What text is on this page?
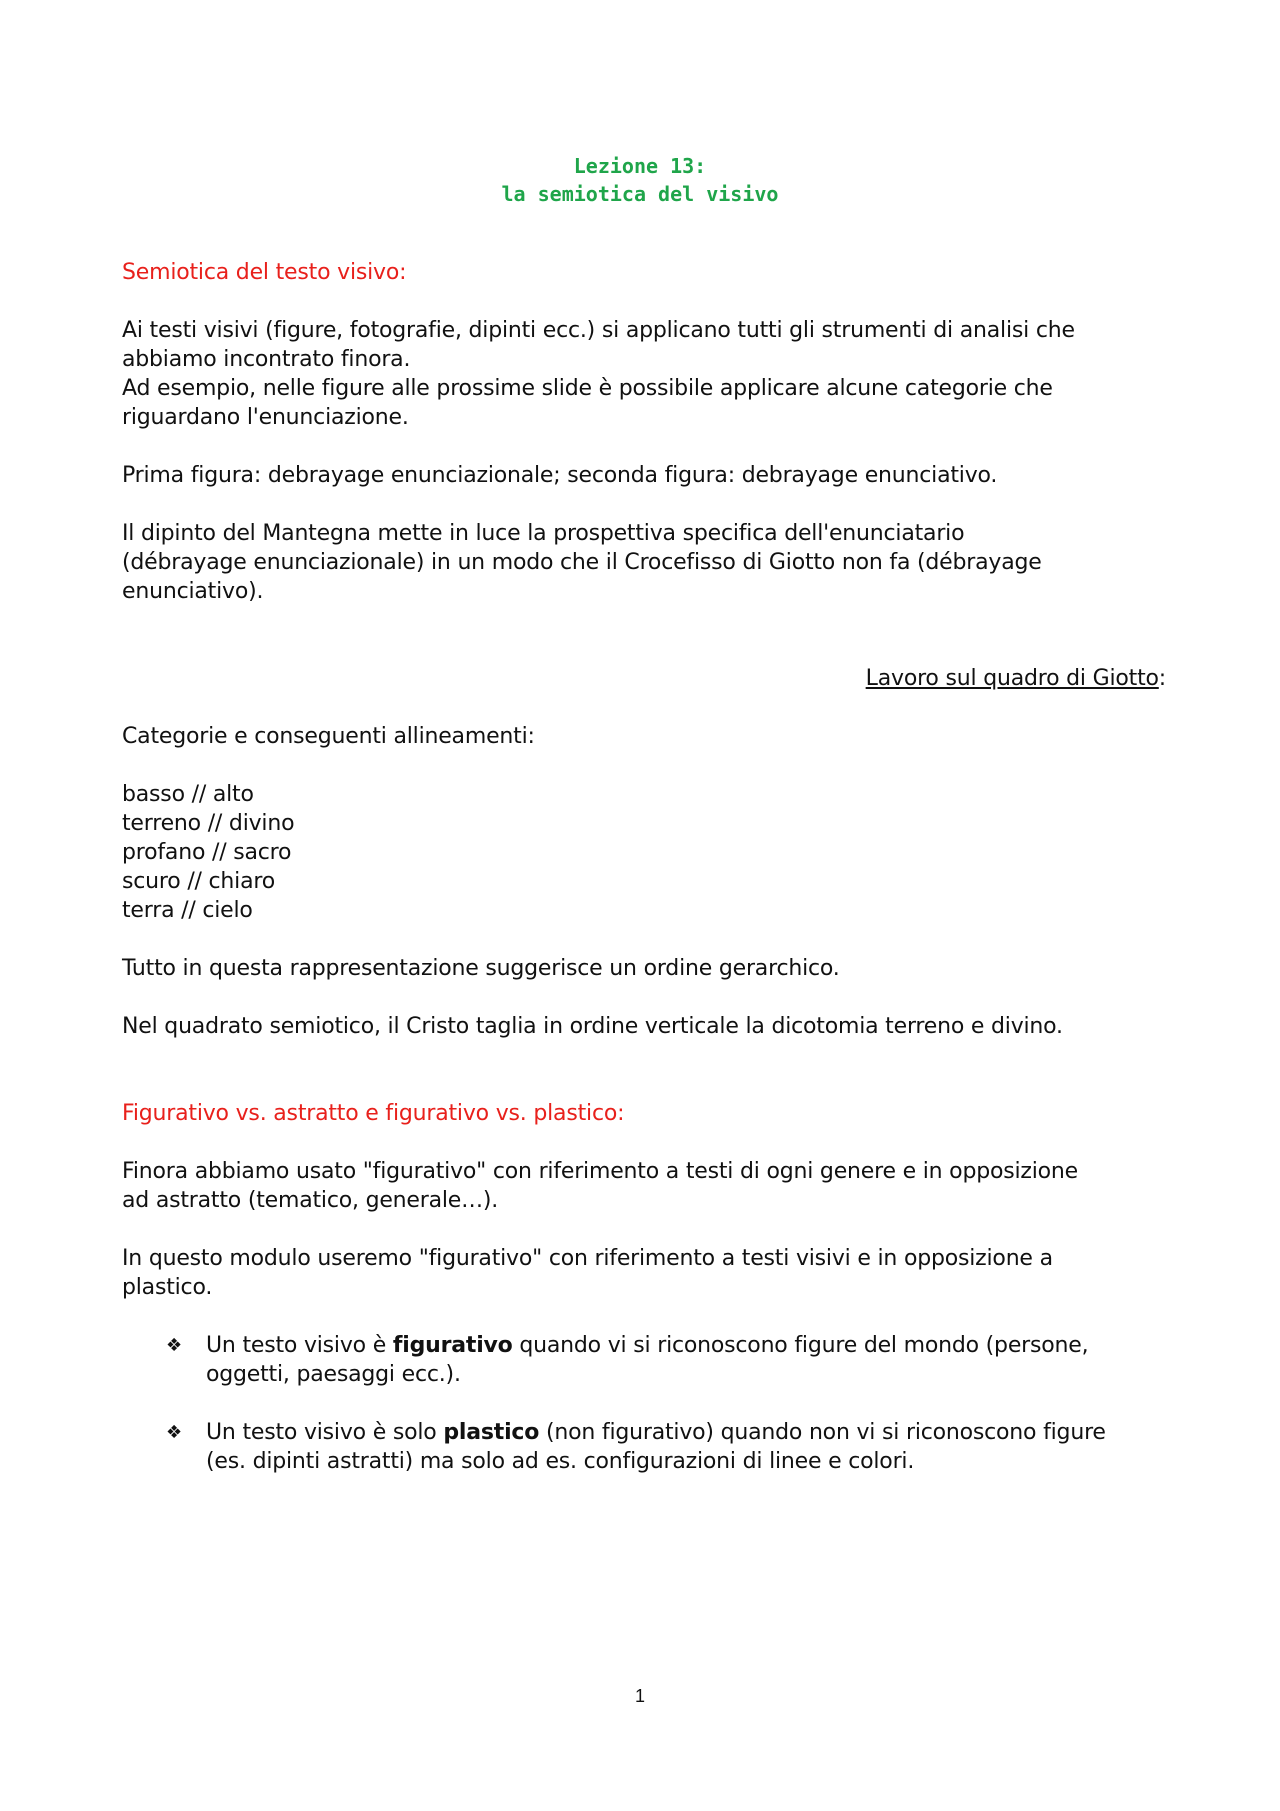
Lezione 13:
la semiotica del visivo

Semiotica del testo visivo:

Ai testi visivi (figure, fotografie, dipinti ecc.) si applicano tutti gli strumenti di analisi che

abbiamo incontrato finora.

Ad esempio, nelle figure alle prossime slide è possibile applicare alcune categorie che

riguardano l'enunciazione.

Prima figura: debrayage enunciazionale; seconda figura: debrayage enunciativo.

Il dipinto del Mantegna mette in luce la prospettiva specifica dell'enunciatario

(débrayage enunciazionale) in un modo che il Crocefisso di Giotto non fa (débrayage

enunciativo).

Lavoro sul quadro di Giotto:

Categorie e conseguenti allineamenti:

basso // alto

terreno // divino

profano // sacro

scuro // chiaro

terra // cielo

Tutto in questa rappresentazione suggerisce un ordine gerarchico.

Nel quadrato semiotico, il Cristo taglia in ordine verticale la dicotomia terreno e divino.

Figurativo vs. astratto e figurativo vs. plastico:

Finora abbiamo usato "figurativo" con riferimento a testi di ogni genere e in opposizione

ad astratto (tematico, generale…).

In questo modulo useremo "figurativo" con riferimento a testi visivi e in opposizione a

plastico.

❖ Un testo visivo è figurativo quando vi si riconoscono figure del mondo (persone,
oggetti, paesaggi ecc.).
❖ Un testo visivo è solo plastico (non figurativo) quando non vi si riconoscono figure
(es. dipinti astratti) ma solo ad es. configurazioni di linee e colori.
1
